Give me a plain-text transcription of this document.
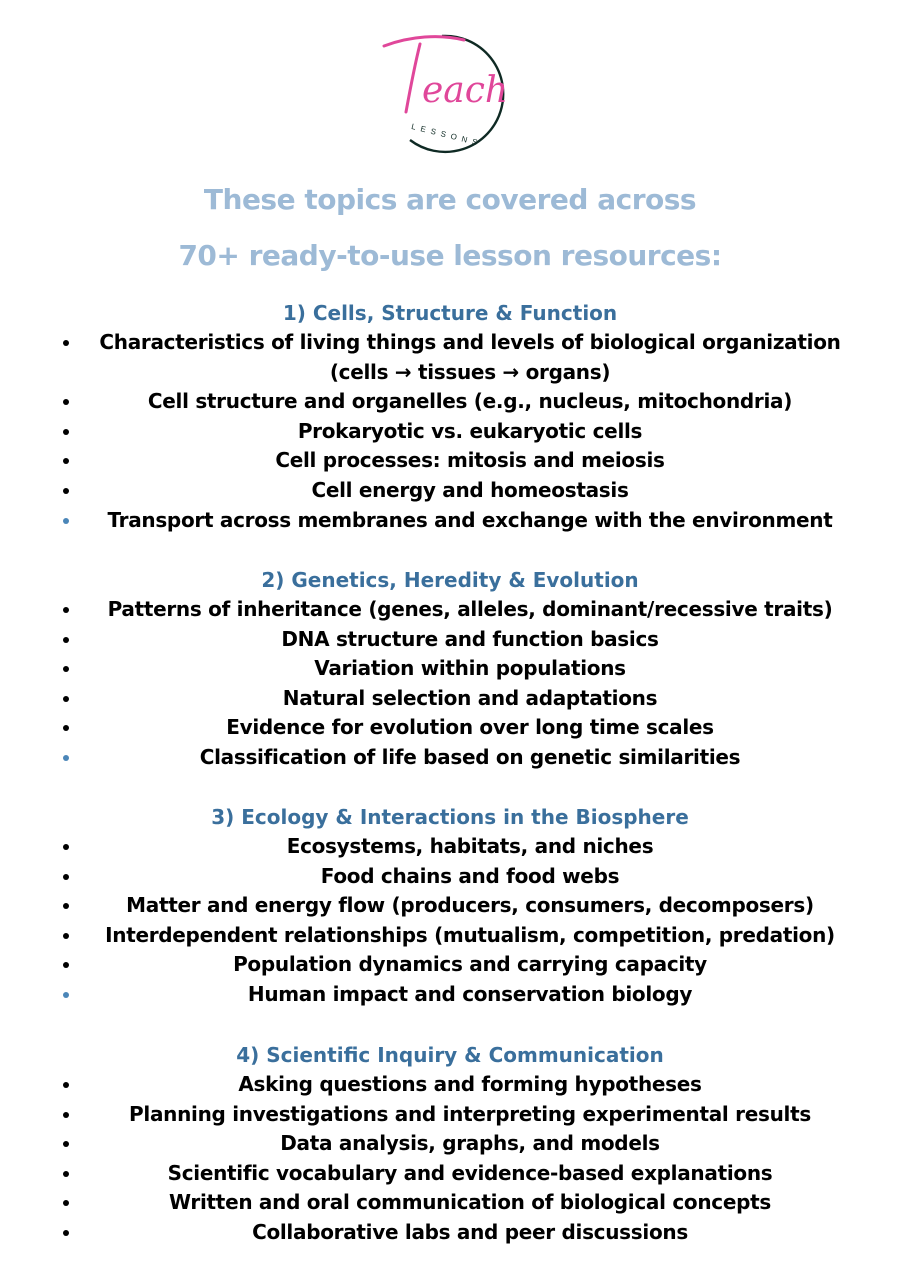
each
LESSONS
These topics are covered across
70+ ready-to-use lesson resources:
1) Cells, Structure & Function
Characteristics of living things and levels of biological organization
(cells → tissues → organs)
Cell structure and organelles (e.g., nucleus, mitochondria)
Prokaryotic vs. eukaryotic cells
Cell processes: mitosis and meiosis
Cell energy and homeostasis
Transport across membranes and exchange with the environment
2) Genetics, Heredity & Evolution
Patterns of inheritance (genes, alleles, dominant/recessive traits)
DNA structure and function basics
Variation within populations
Natural selection and adaptations
Evidence for evolution over long time scales
Classification of life based on genetic similarities
3) Ecology & Interactions in the Biosphere
Ecosystems, habitats, and niches
Food chains and food webs
Matter and energy flow (producers, consumers, decomposers)
Interdependent relationships (mutualism, competition, predation)
Population dynamics and carrying capacity
Human impact and conservation biology
4) Scientific Inquiry & Communication
Asking questions and forming hypotheses
Planning investigations and interpreting experimental results
Data analysis, graphs, and models
Scientific vocabulary and evidence-based explanations
Written and oral communication of biological concepts
Collaborative labs and peer discussions
